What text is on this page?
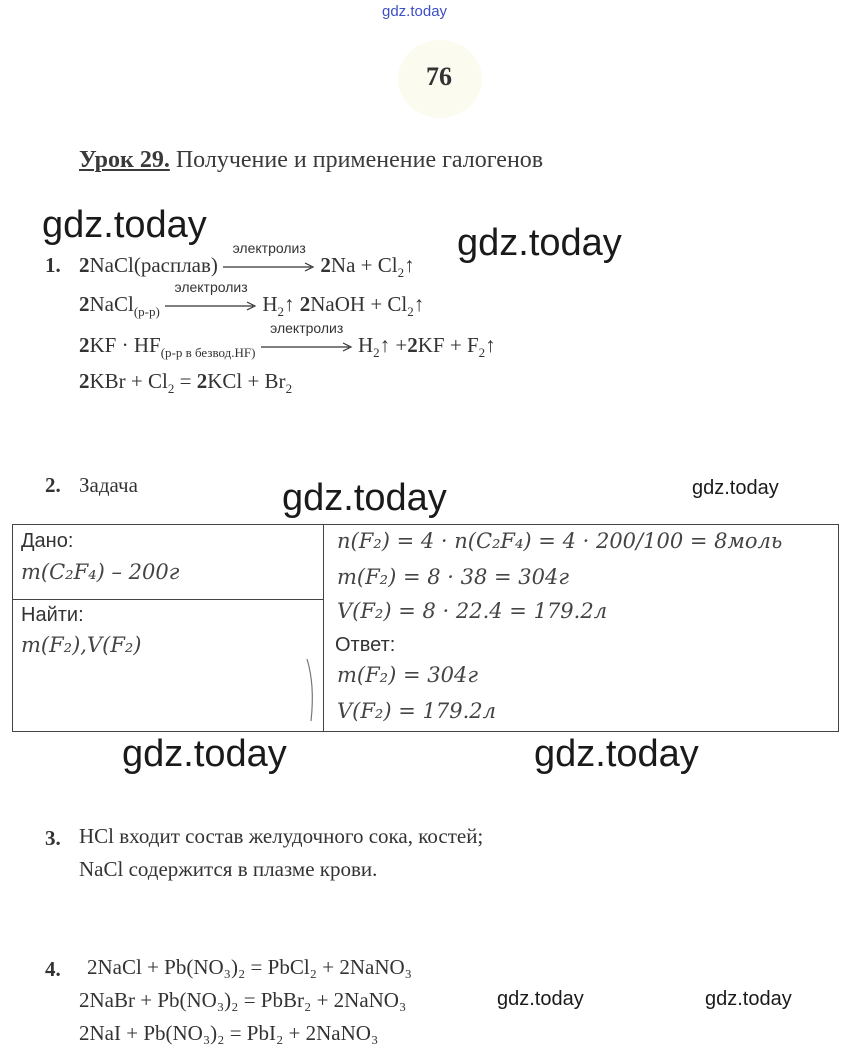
gdz.today
76
Урок 29. Получение и применение галогенов
gdz.today	gdz.today
1. 2NaCl(расплав)
электролиз
$2Na + Cl_2↑$
2NaCl$_{(р-р)}$
электролиз
$H_2↑$ 2NaOH + $Cl_2↑$
$2KF \cdot HF_{(р-р в безвод.HF)}$
электролиз
$H_2↑ +2KF$ + $F_2↑$
$2KBr + Cl_2 = 2KCl + Br_2$
2. Задача	gdz.today	gdz.today
Дано:
m(C₂F₄) – 200г
Найти:
m(F₂),V(F₂)
n(F₂) = 4 · n(C₂F₄) = 4 · 200/100 = 8моль
m(F₂) = 8 · 38 = 304г
V(F₂) = 8 · 22.4 = 179.2л
Ответ:
m(F₂) = 304г
V(F₂) = 179.2л
gdz.today	gdz.today
3. HCl входит состав желудочного сока, костей;
NaCl содержится в плазме крови.
4. 2NaCl + Pb(NO₃)₂ = PbCl₂ + 2NaNO₃
2NaBr + Pb(NO₃)₂ = PbBr₂ + 2NaNO₃
2NaI + Pb(NO₃)₂ = PbI₂ + 2NaNO₃
gdz.today	gdz.today
